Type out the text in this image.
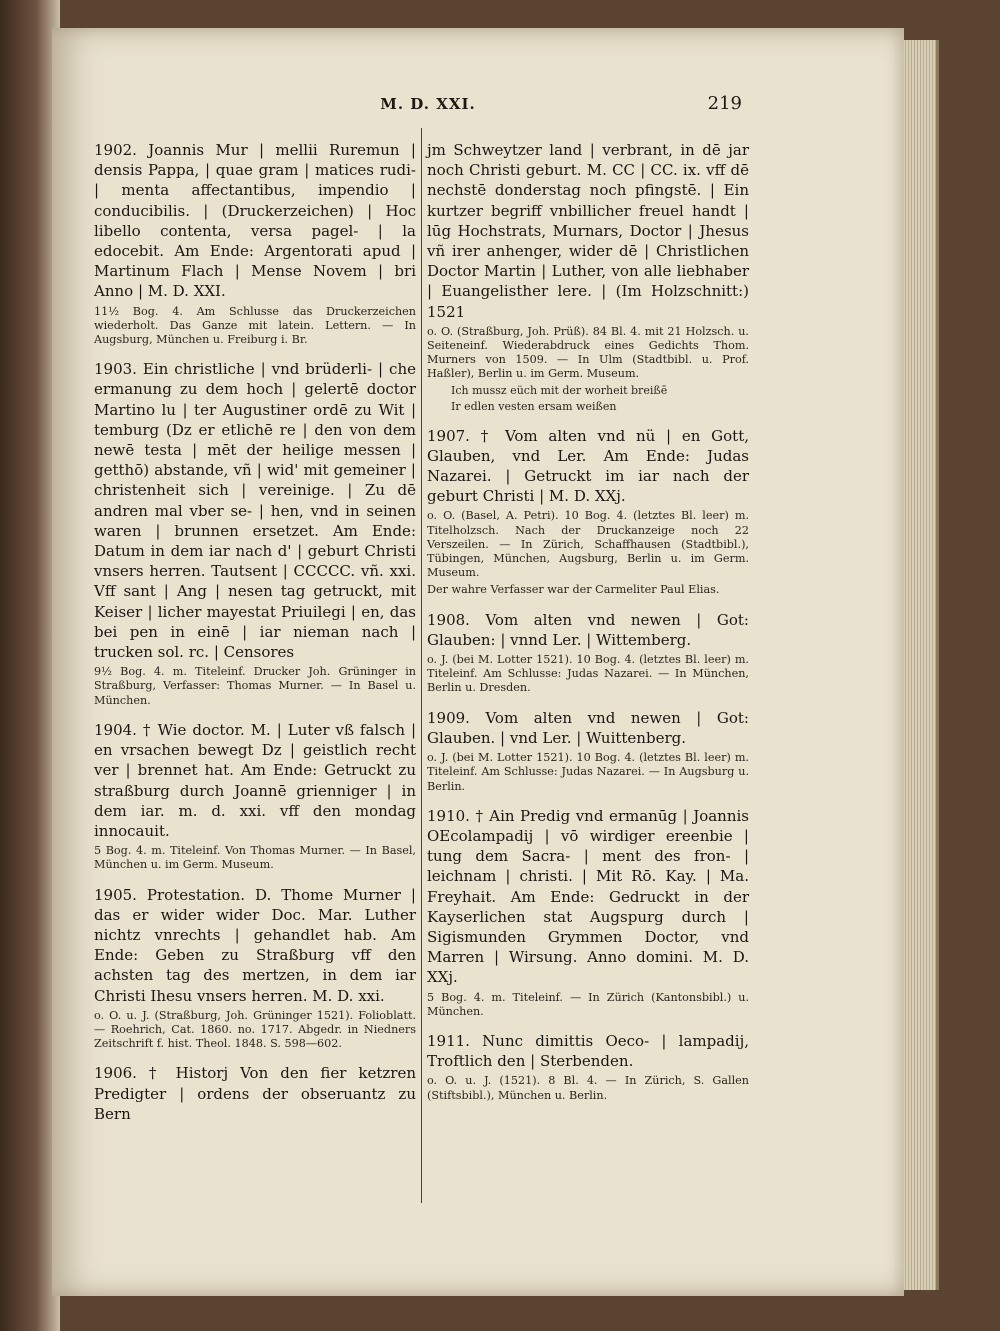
M. D. XXI.	219

1902. Joannis Mur | mellii Ruremun | densis Pappa, | quae gram | matices rudi- | menta affectantibus, impendio | conducibilis. | (Druckerzeichen) | Hoc libello contenta, versa pagel- | la edocebit. Am Ende: Argentorati apud | Martinum Flach | Mense Novem | bri Anno | M. D. XXI.

11½ Bog. 4. Am Schlusse das Druckerzeichen wiederholt. Das Ganze mit latein. Lettern. — In Augsburg, München u. Freiburg i. Br.

1903. Ein christliche | vnd brüderli- | che ermanung zu dem hoch | gelertē doctor Martino lu | ter Augustiner ordē zu Wit | temburg (Dz er etlichē re | den von dem newē testa | mēt der heilige messen | getthō) abstande, vñ | wid' mit gemeiner | christenheit sich | vereinige. | Zu dē andren mal vber se- | hen, vnd in seinen waren | brunnen ersetzet. Am Ende: Datum in dem iar nach d' | geburt Christi vnsers herren. Tautsent | CCCCC. vñ. xxi. Vff sant | Ang | nesen tag getruckt, mit Keiser | licher mayestat Priuilegi | en, das bei pen in einē | iar nieman nach | trucken sol. rc. | Censores

9½ Bog. 4. m. Titeleinf. Drucker Joh. Grüninger in Straßburg, Verfasser: Thomas Murner. — In Basel u. München.

1904. † Wie doctor. M. | Luter vß falsch | en vrsachen bewegt Dz | geistlich recht ver | brennet hat. Am Ende: Getruckt zu straßburg durch Joannē grienniger | in dem iar. m. d. xxi. vff den mondag innocauit.

5 Bog. 4. m. Titeleinf. Von Thomas Murner. — In Basel, München u. im Germ. Museum.

1905. Protestation. D. Thome Murner | das er wider wider Doc. Mar. Luther nichtz vnrechts | gehandlet hab. Am Ende: Geben zu Straßburg vff den achsten tag des mertzen, in dem iar Christi Ihesu vnsers herren. M. D. xxi.

o. O. u. J. (Straßburg, Joh. Grüninger 1521). Folioblatt. — Roehrich, Cat. 1860. no. 1717. Abgedr. in Niedners Zeitschrift f. hist. Theol. 1848. S. 598—602.

1906. † Historj Von den fier ketzren Predigter | ordens der obseruantz zu Bern

jm Schweytzer land | verbrant, in dē jar noch Christi geburt. M. CC | CC. ix. vff dē nechstē donderstag noch pfingstē. | Ein kurtzer begriff vnbillicher freuel handt | lūg Hochstrats, Murnars, Doctor | Jhesus vñ irer anhenger, wider dē | Christlichen Doctor Martin | Luther, von alle liebhaber | Euangelisther lere. | (Im Holzschnitt:) 1521

o. O. (Straßburg, Joh. Prüß). 84 Bl. 4. mit 21 Holzsch. u. Seiteneinf. Wiederabdruck eines Gedichts Thom. Murners von 1509. — In Ulm (Stadtbibl. u. Prof. Haßler), Berlin u. im Germ. Museum.

Ich mussz eüch mit der worheit breißē

Ir edlen vesten ersam weißen

1907. † Vom alten vnd nü | en Gott, Glauben, vnd Ler. Am Ende: Judas Nazarei. | Getruckt im iar nach der geburt Christi | M. D. XXj.

o. O. (Basel, A. Petri). 10 Bog. 4. (letztes Bl. leer) m. Titelholzsch. Nach der Druckanzeige noch 22 Verszeilen. — In Zürich, Schaffhausen (Stadtbibl.), Tübingen, München, Augsburg, Berlin u. im Germ. Museum.

Der wahre Verfasser war der Carmeliter Paul Elias.

1908. Vom alten vnd newen | Got: Glauben: | vnnd Ler. | Wittemberg.

o. J. (bei M. Lotter 1521). 10 Bog. 4. (letztes Bl. leer) m. Titeleinf. Am Schlusse: Judas Nazarei. — In München, Berlin u. Dresden.

1909. Vom alten vnd newen | Got: Glauben. | vnd Ler. | Wuittenberg.

o. J. (bei M. Lotter 1521). 10 Bog. 4. (letztes Bl. leer) m. Titeleinf. Am Schlusse: Judas Nazarei. — In Augsburg u. Berlin.

1910. † Ain Predig vnd ermanūg | Joannis OEcolampadij | vō wirdiger ereenbie | tung dem Sacra- | ment des fron- | leichnam | christi. | Mit Rō. Kay. | Ma. Freyhait. Am Ende: Gedruckt in der Kayserlichen stat Augspurg durch | Sigismunden Grymmen Doctor, vnd Marren | Wirsung. Anno domini. M. D. XXj.

5 Bog. 4. m. Titeleinf. — In Zürich (Kantonsbibl.) u. München.

1911. Nunc dimittis Oeco- | lampadij, Troftlich den | Sterbenden.

o. O. u. J. (1521). 8 Bl. 4. — In Zürich, S. Gallen (Stiftsbibl.), München u. Berlin.
